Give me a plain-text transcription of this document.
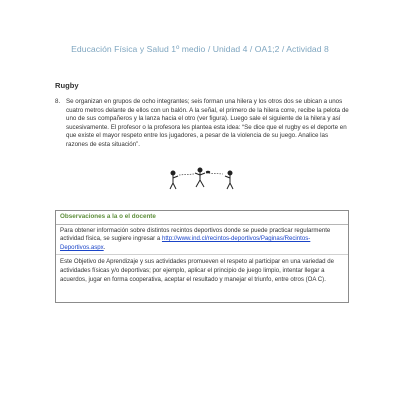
Educación Física y Salud 1º medio / Unidad 4 / OA1;2 / Actividad 8
Rugby
8. Se organizan en grupos de ocho integrantes; seis forman una hilera y los otros dos se ubican a unos cuatro metros delante de ellos con un balón. A la señal, el primero de la hilera corre, recibe la pelota de uno de sus compañeros y la lanza hacia el otro (ver figura). Luego sale el siguiente de la hilera y así sucesivamente. El profesor o la profesora les plantea esta idea: “Se dice que el rugby es el deporte en que existe el mayor respeto entre los jugadores, a pesar de la violencia de su juego. Analice las razones de esta situación”.
Observaciones a la o el docente
Para obtener información sobre distintos recintos deportivos donde se puede practicar regularmente actividad física, se sugiere ingresar a http://www.ind.cl/recintos-deportivos/Paginas/Recintos-Deportivos.aspx.
Este Objetivo de Aprendizaje y sus actividades promueven el respeto al participar en una variedad de actividades físicas y/o deportivas; por ejemplo, aplicar el principio de juego limpio, intentar llegar a acuerdos, jugar en forma cooperativa, aceptar el resultado y manejar el triunfo, entre otros (OA C).
